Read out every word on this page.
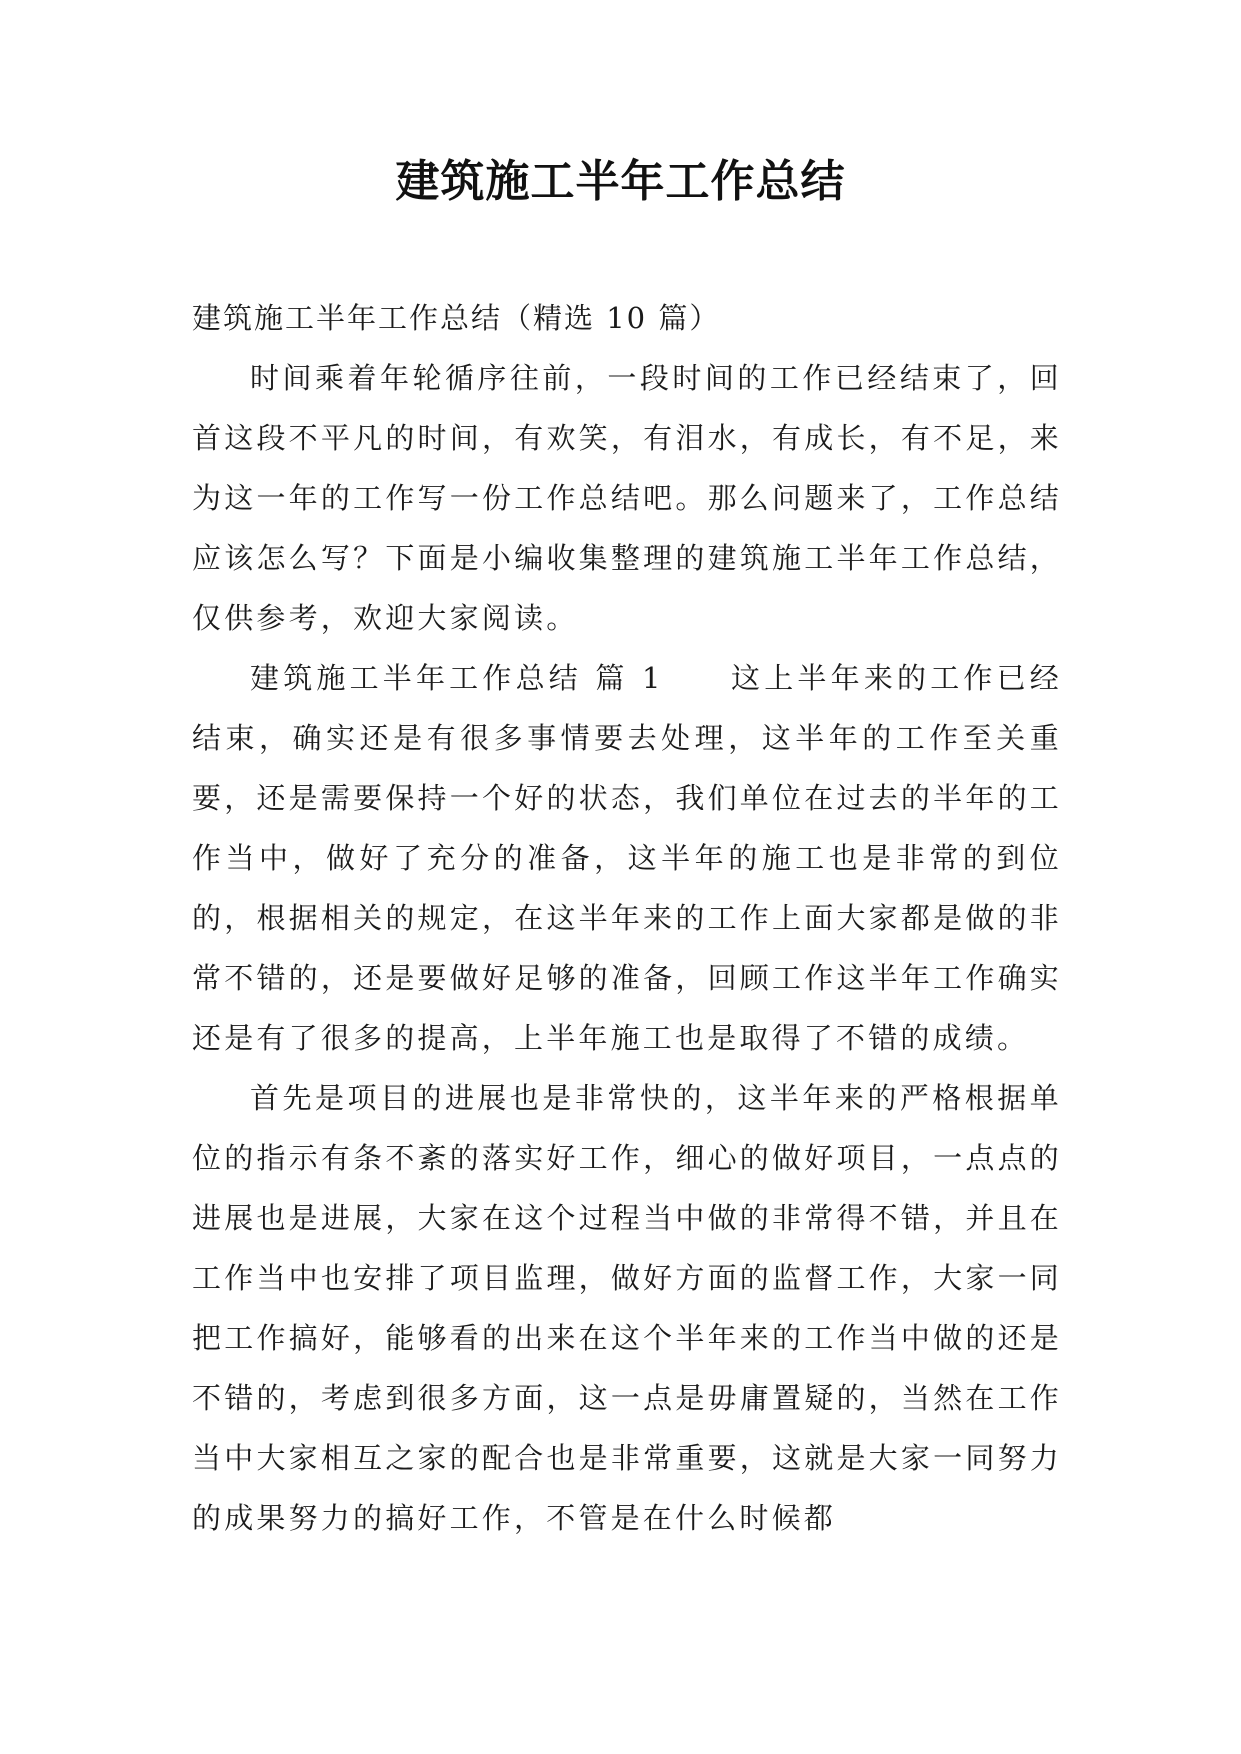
建筑施工半年工作总结

建筑施工半年工作总结（精选 10 篇）

时间乘着年轮循序往前，一段时间的工作已经结束了，回首这段不平凡的时间，有欢笑，有泪水，有成长，有不足，来为这一年的工作写一份工作总结吧。那么问题来了，工作总结应该怎么写？下面是小编收集整理的建筑施工半年工作总结，仅供参考，欢迎大家阅读。

建筑施工半年工作总结 篇 1　　这上半年来的工作已经结束，确实还是有很多事情要去处理，这半年的工作至关重要，还是需要保持一个好的状态，我们单位在过去的半年的工作当中，做好了充分的准备，这半年的施工也是非常的到位的，根据相关的规定，在这半年来的工作上面大家都是做的非常不错的，还是要做好足够的准备，回顾工作这半年工作确实还是有了很多的提高，上半年施工也是取得了不错的成绩。

首先是项目的进展也是非常快的，这半年来的严格根据单位的指示有条不紊的落实好工作，细心的做好项目，一点点的进展也是进展，大家在这个过程当中做的非常得不错，并且在工作当中也安排了项目监理，做好方面的监督工作，大家一同把工作搞好，能够看的出来在这个半年来的工作当中做的还是不错的，考虑到很多方面，这一点是毋庸置疑的，当然在工作当中大家相互之家的配合也是非常重要，这就是大家一同努力的成果努力的搞好工作，不管是在什么时候都
